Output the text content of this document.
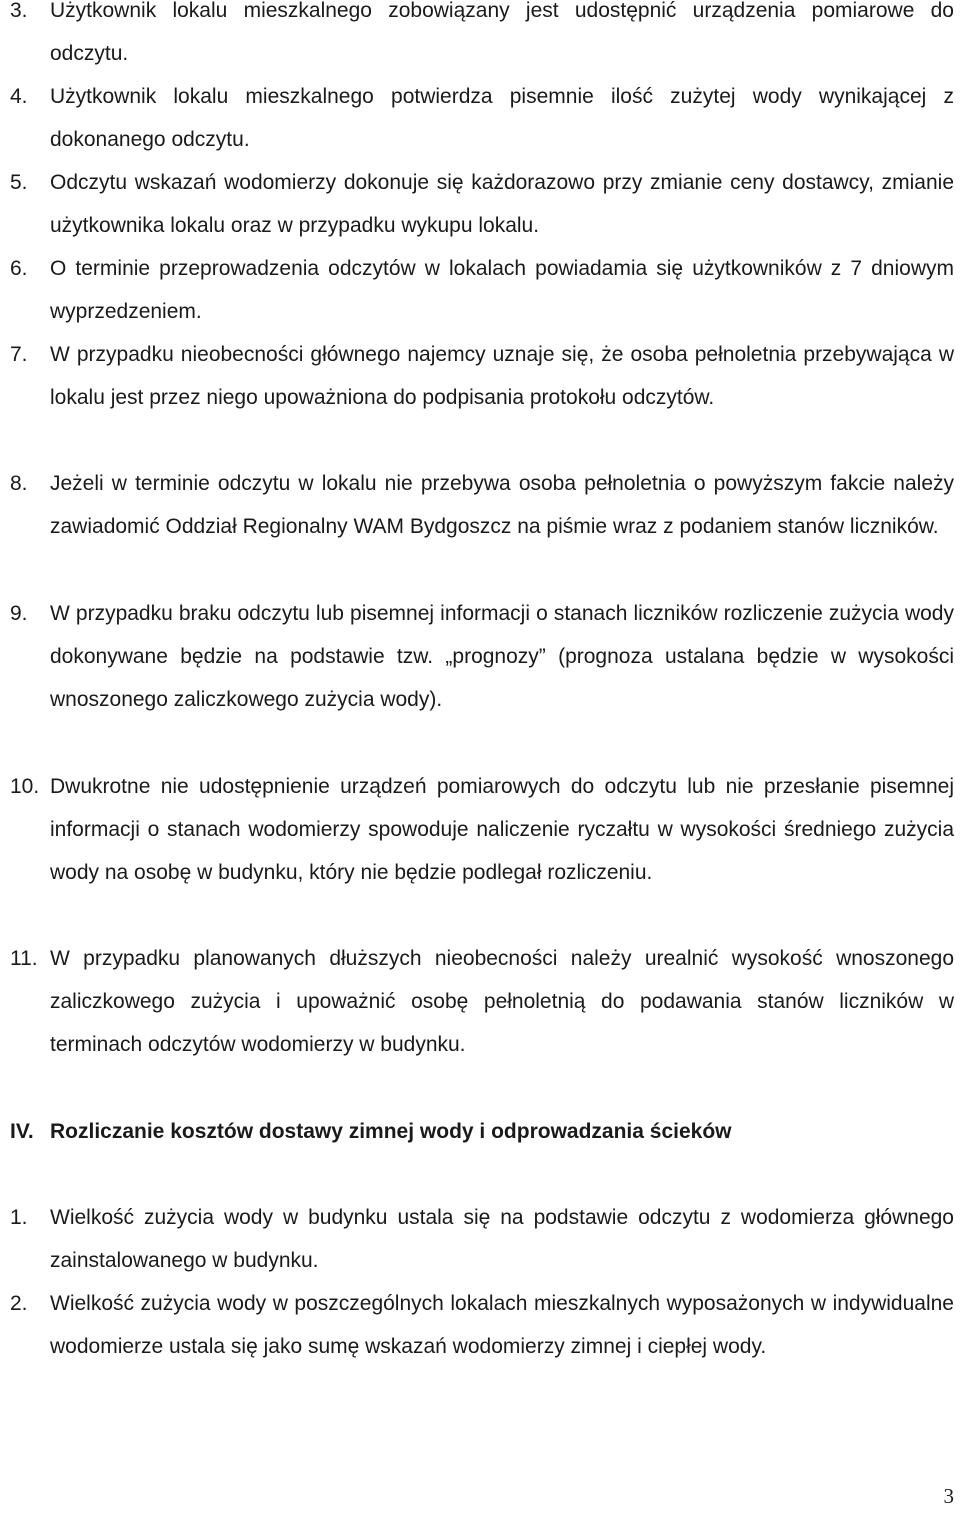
3. Użytkownik lokalu mieszkalnego zobowiązany jest udostępnić urządzenia pomiarowe do odczytu.
4. Użytkownik lokalu mieszkalnego potwierdza pisemnie ilość zużytej wody wynikającej z dokonanego odczytu.
5. Odczytu wskazań wodomierzy dokonuje się każdorazowo przy zmianie ceny dostawcy, zmianie użytkownika lokalu oraz w przypadku wykupu lokalu.
6. O terminie przeprowadzenia odczytów w lokalach powiadamia się użytkowników z 7 dniowym wyprzedzeniem.
7. W przypadku nieobecności głównego najemcy uznaje się, że osoba pełnoletnia przebywająca w lokalu jest przez niego upoważniona do podpisania protokołu odczytów.
8. Jeżeli w terminie odczytu w lokalu nie przebywa osoba pełnoletnia o powyższym fakcie należy zawiadomić Oddział Regionalny WAM Bydgoszcz na piśmie wraz z podaniem stanów liczników.
9. W przypadku braku odczytu lub pisemnej informacji o stanach liczników rozliczenie zużycia wody dokonywane będzie na podstawie tzw. „prognozy” (prognoza ustalana będzie w wysokości wnoszonego zaliczkowego zużycia wody).
10. Dwukrotne nie udostępnienie urządzeń pomiarowych do odczytu lub nie przesłanie pisemnej informacji o stanach wodomierzy spowoduje naliczenie ryczałtu w wysokości średniego zużycia wody na osobę w budynku, który nie będzie podlegał rozliczeniu.
11. W przypadku planowanych dłuższych nieobecności należy urealnić wysokość wnoszonego zaliczkowego zużycia i upoważnić osobę pełnoletnią do podawania stanów liczników w terminach odczytów wodomierzy w budynku.
IV. Rozliczanie kosztów dostawy zimnej wody i odprowadzania ścieków
1. Wielkość zużycia wody w budynku ustala się na podstawie odczytu z wodomierza głównego zainstalowanego w budynku.
2. Wielkość zużycia wody w poszczególnych lokalach mieszkalnych wyposażonych w indywidualne wodomierze ustala się jako sumę wskazań wodomierzy zimnej i ciepłej wody.
3
